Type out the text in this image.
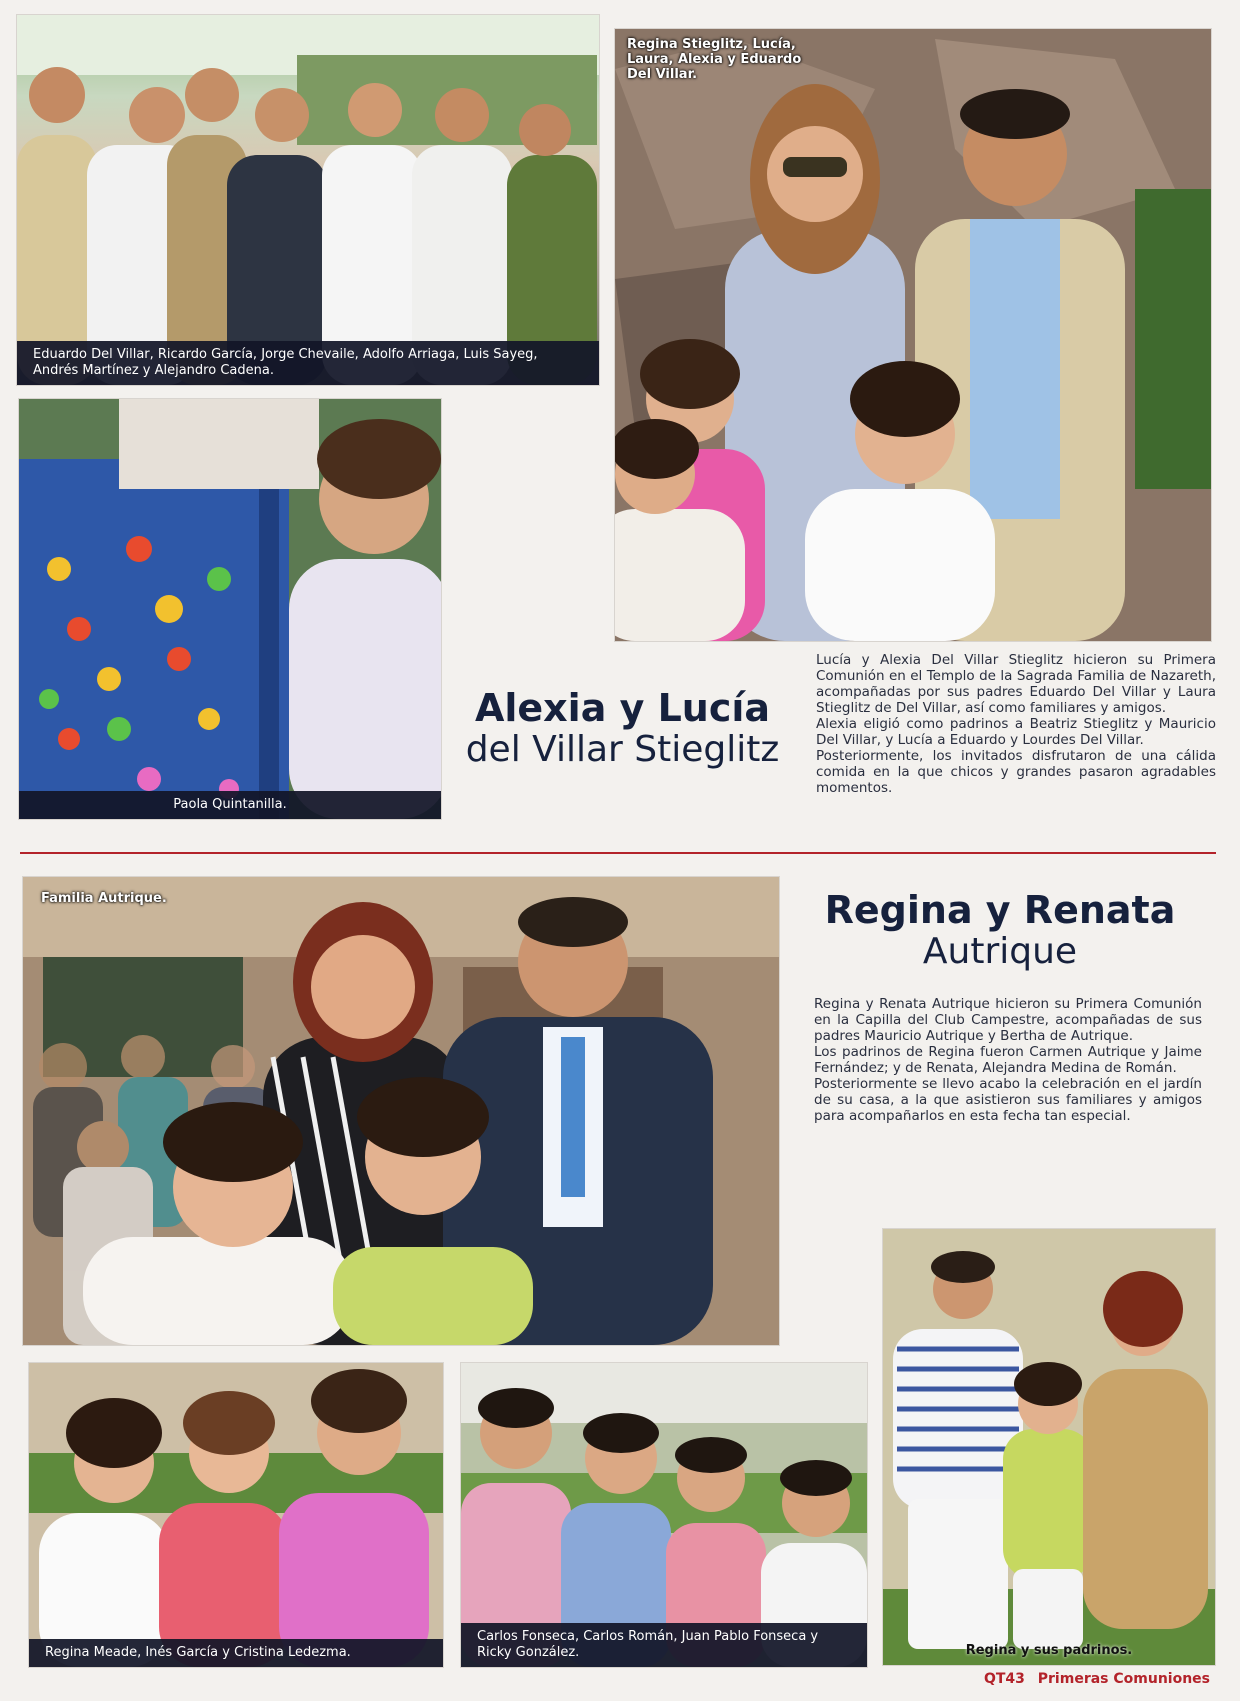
Eduardo Del Villar, Ricardo García, Jorge Chevaile, Adolfo Arriaga, Luis Sayeg, Andrés Martínez y Alejandro Cadena.
Regina Stieglitz, Lucía, Laura, Alexia y Eduardo Del Villar.
Paola Quintanilla.
Alexia y Lucía
del Villar Stieglitz

Lucía y Alexia Del Villar Stieglitz hicieron su Primera Comunión en el Templo de la Sagrada Familia de Nazareth, acompañadas por sus padres Eduardo Del Villar y Laura Stieglitz de Del Villar, así como familiares y amigos.

Alexia eligió como padrinos a Beatriz Stieglitz y Mauricio Del Villar, y Lucía a Eduardo y Lourdes Del Villar.

Posteriormente, los invitados disfrutaron de una cálida comida en la que chicos y grandes pasaron agradables momentos.

Familia Autrique.	Regina y Renata
Autrique

Regina y Renata Autrique hicieron su Primera Comunión en la Capilla del Club Campestre, acompañadas de sus padres Mauricio Autrique y Bertha de Autrique.

Los padrinos de Regina fueron Carmen Autrique y Jaime Fernández; y de Renata, Alejandra Medina de Román.

Posteriormente se llevo acabo la celebración en el jardín de su casa, a la que asistieron sus familiares y amigos para acompañarlos en esta fecha tan especial.

Regina y sus padrinos.
Regina Meade, Inés García y Cristina Ledezma.
Carlos Fonseca, Carlos Román, Juan Pablo Fonseca y Ricky González.
QT43 Primeras Comuniones
